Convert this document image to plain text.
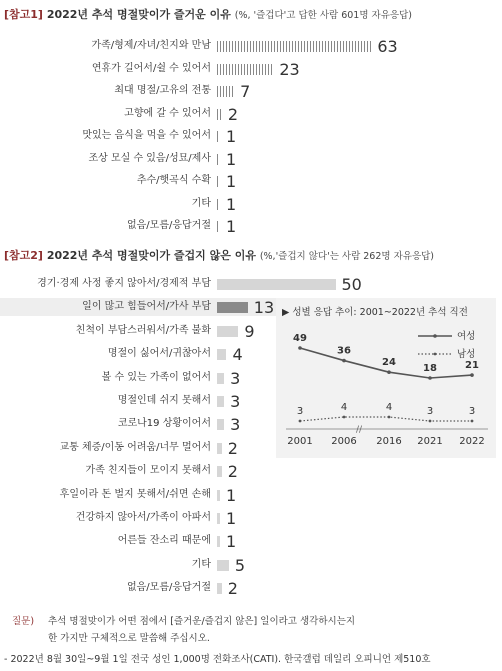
[참고1] 2022년 추석 명절맞이가 즐거운 이유 (%, '즐겁다'고 답한 사람 601명 자유응답)
가족/형제/자녀/친지와 만남	63
연휴가 길어서/쉴 수 있어서	23
최대 명절/고유의 전통 7
고향에 갈 수 있어서 2
맛있는 음식을 먹을 수 있어서 1
조상 모실 수 있음/성묘/제사 1
추수/햇곡식 수확 1
기타 1
없음/모름/응답거절 1
[참고2] 2022년 추석 명절맞이가 즐겁지 않은 이유 (%,'즐겁지 않다'는 사람 262명 자유응답)
경기·경제 사정 좋지 않아서/경제적 부담	50
일이 많고 힘들어서/가사 부담	13
친척이 부담스러워서/가족 불화 9
명절이 싫어서/귀찮아서 4
볼 수 있는 가족이 없어서 3
명절인데 쉬지 못해서 3
코로나19 상황이어서 3
교통 체증/이동 어려움/너무 멀어서 2
가족 친지들이 모이지 못해서 2
후일이라 돈 벌지 못해서/쉬면 손해 1
건강하지 않아서/가족이 아파서 1
어른들 잔소리 때문에 1
기타 5
없음/모름/응답거절 2
▶ 성별 응답 추이: 2001~2022년 추석 직전
//
49
36
24
18	21
3	4	4	3	3
2001 2006 2016 2021 2022
여성
남성
질문) 추석 명절맞이가 어떤 점에서 [즐거운/즐겁지 않은] 일이라고 생각하시는지
한 가지만 구체적으로 말씀해 주십시오.
- 2022년 8월 30일~9월 1일 전국 성인 1,000명 전화조사(CATI). 한국갤럽 데일리 오피니언 제510호
